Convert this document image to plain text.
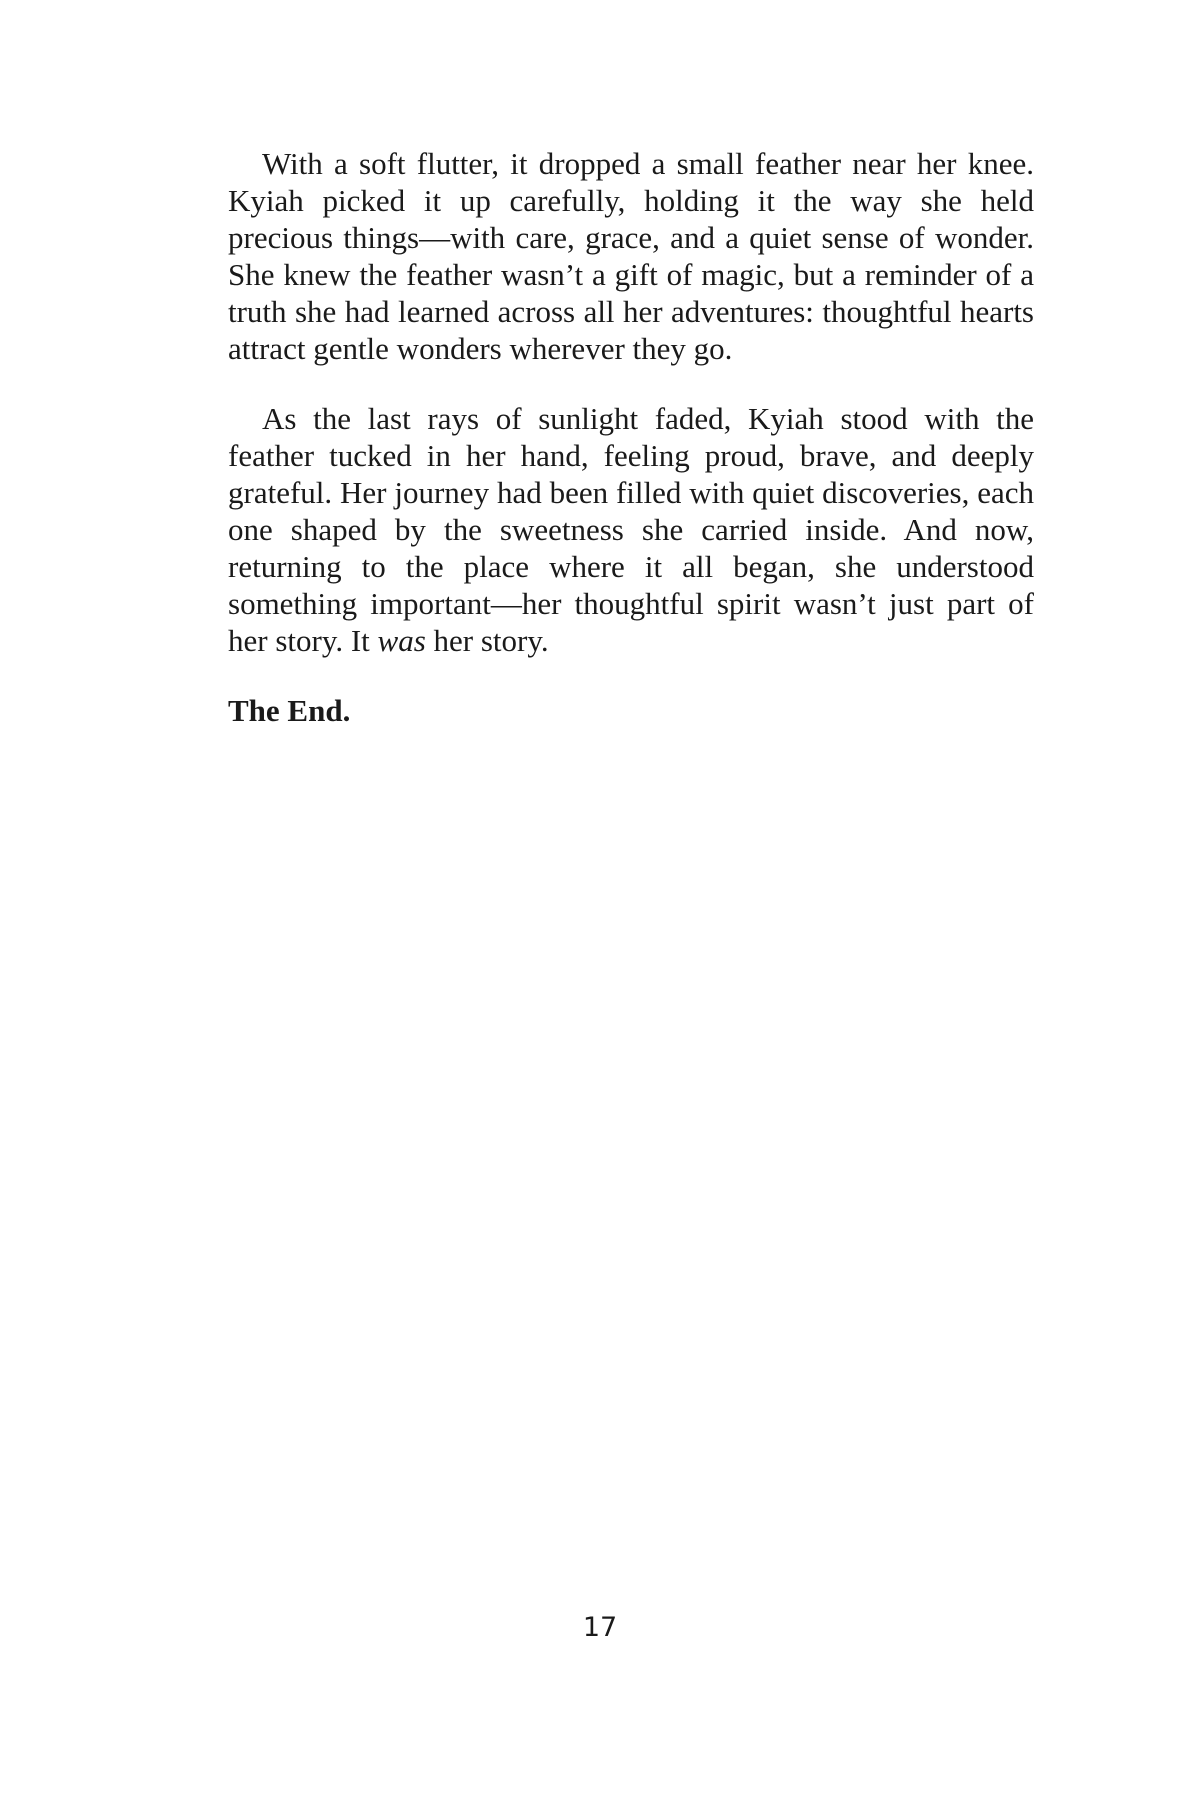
With a soft flutter, it dropped a small feather near her knee. Kyiah picked it up carefully, holding it the way she held precious things—with care, grace, and a quiet sense of wonder. She knew the feather wasn’t a gift of magic, but a reminder of a truth she had learned across all her adventures: thoughtful hearts attract gentle wonders wherever they go.

As the last rays of sunlight faded, Kyiah stood with the feather tucked in her hand, feeling proud, brave, and deeply grateful. Her journey had been filled with quiet discoveries, each one shaped by the sweetness she carried inside. And now, returning to the place where it all began, she understood something important—her thoughtful spirit wasn’t just part of her story. It was her story.

The End.

17
